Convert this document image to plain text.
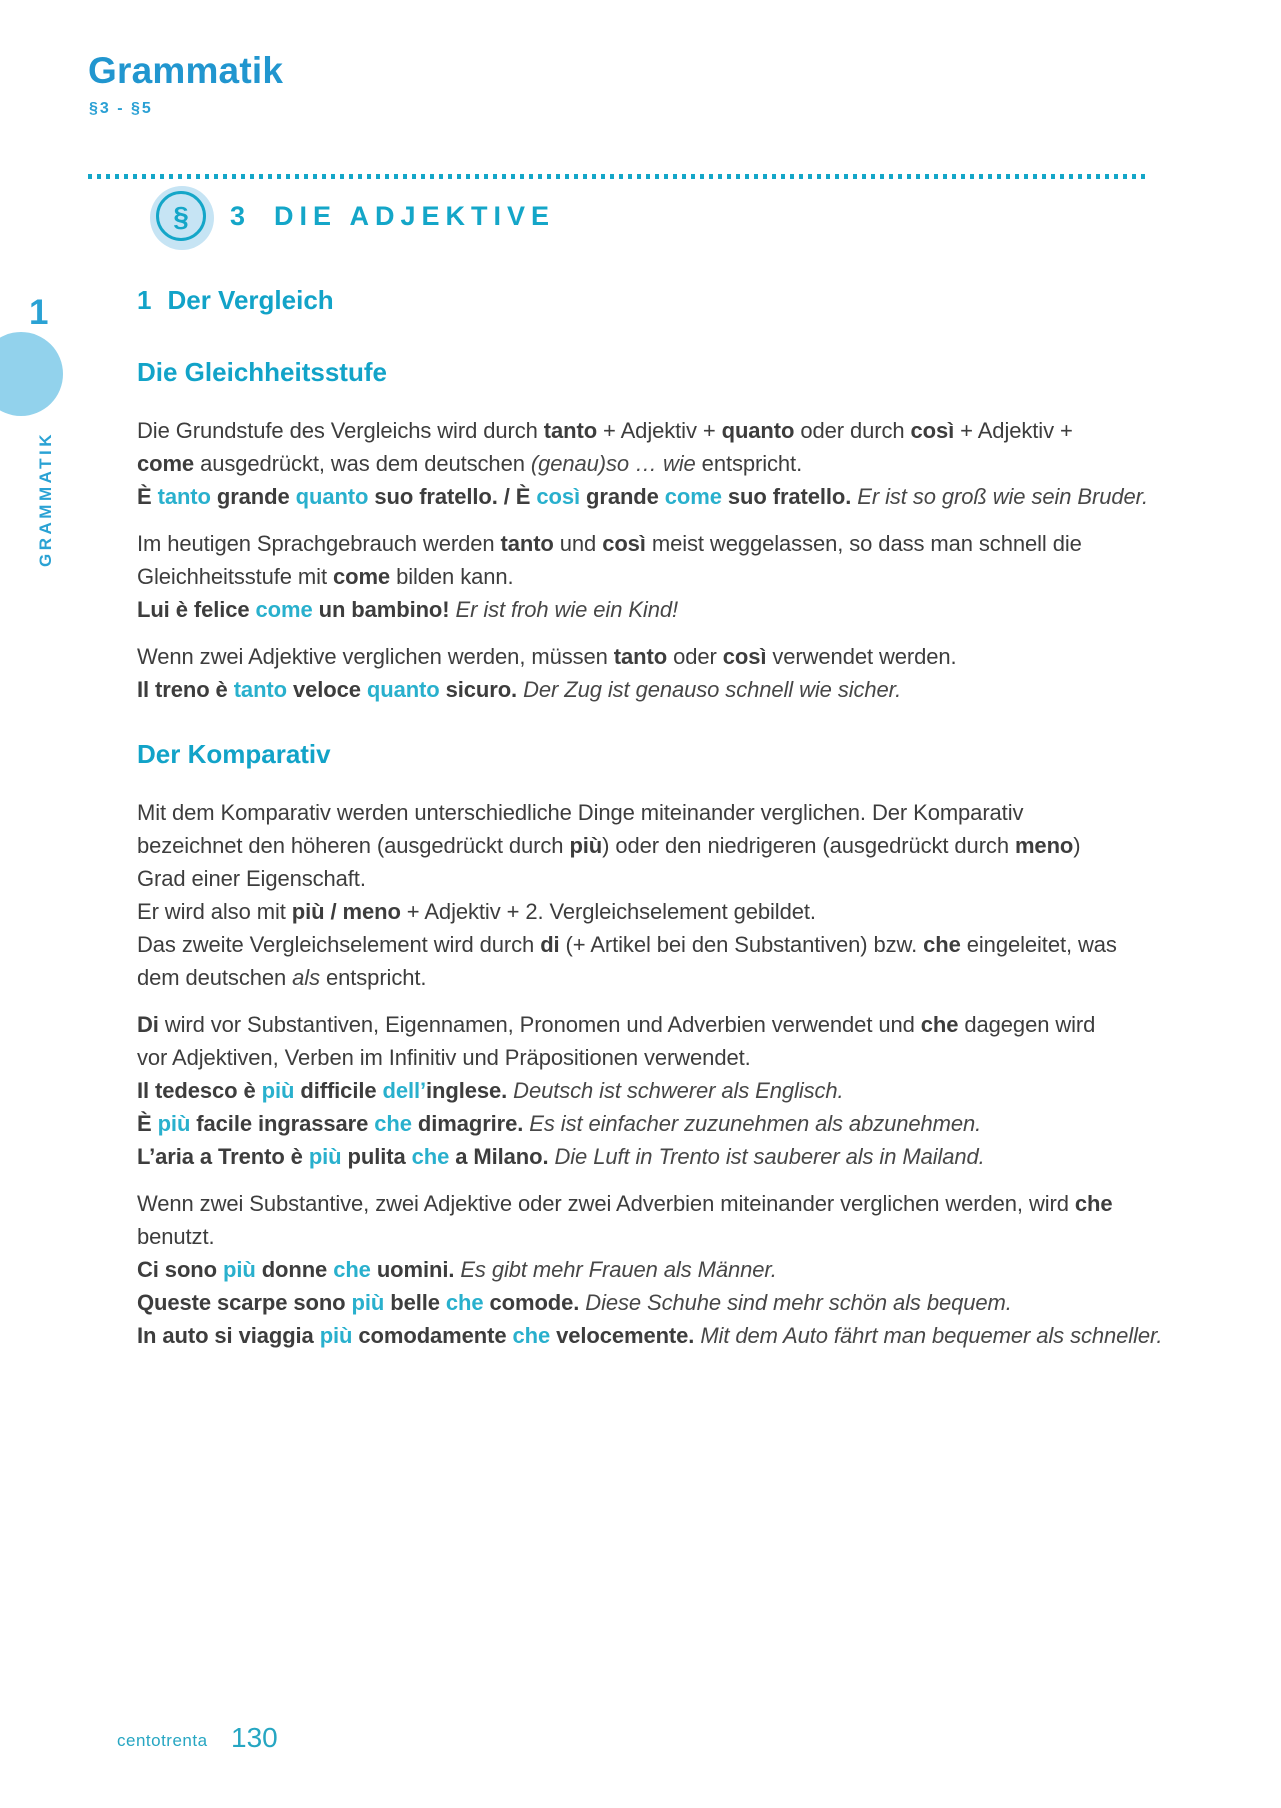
Grammatik
§3 - §5
§ 3 DIE ADJEKTIVE
1
GRAMMATIK
1 Der Vergleich
Die Gleichheitsstufe
Die Grundstufe des Vergleichs wird durch tanto + Adjektiv + quanto oder durch così + Adjektiv +
come ausgedrückt, was dem deutschen (genau)so … wie entspricht.
È tanto grande quanto suo fratello. / È così grande come suo fratello. Er ist so groß wie sein Bruder.
Im heutigen Sprachgebrauch werden tanto und così meist weggelassen, so dass man schnell die
Gleichheitsstufe mit come bilden kann.
Lui è felice come un bambino! Er ist froh wie ein Kind!
Wenn zwei Adjektive verglichen werden, müssen tanto oder così verwendet werden.
Il treno è tanto veloce quanto sicuro. Der Zug ist genauso schnell wie sicher.
Der Komparativ
Mit dem Komparativ werden unterschiedliche Dinge miteinander verglichen. Der Komparativ
bezeichnet den höheren (ausgedrückt durch più) oder den niedrigeren (ausgedrückt durch meno)
Grad einer Eigenschaft.
Er wird also mit più / meno + Adjektiv + 2. Vergleichselement gebildet.
Das zweite Vergleichselement wird durch di (+ Artikel bei den Substantiven) bzw. che eingeleitet, was
dem deutschen als entspricht.
Di wird vor Substantiven, Eigennamen, Pronomen und Adverbien verwendet und che dagegen wird
vor Adjektiven, Verben im Infinitiv und Präpositionen verwendet.
Il tedesco è più difficile dell’inglese. Deutsch ist schwerer als Englisch.
È più facile ingrassare che dimagrire. Es ist einfacher zuzunehmen als abzunehmen.
L’aria a Trento è più pulita che a Milano. Die Luft in Trento ist sauberer als in Mailand.
Wenn zwei Substantive, zwei Adjektive oder zwei Adverbien miteinander verglichen werden, wird che
benutzt.
Ci sono più donne che uomini. Es gibt mehr Frauen als Männer.
Queste scarpe sono più belle che comode. Diese Schuhe sind mehr schön als bequem.
In auto si viaggia più comodamente che velocemente. Mit dem Auto fährt man bequemer als schneller.
centotrenta 130
